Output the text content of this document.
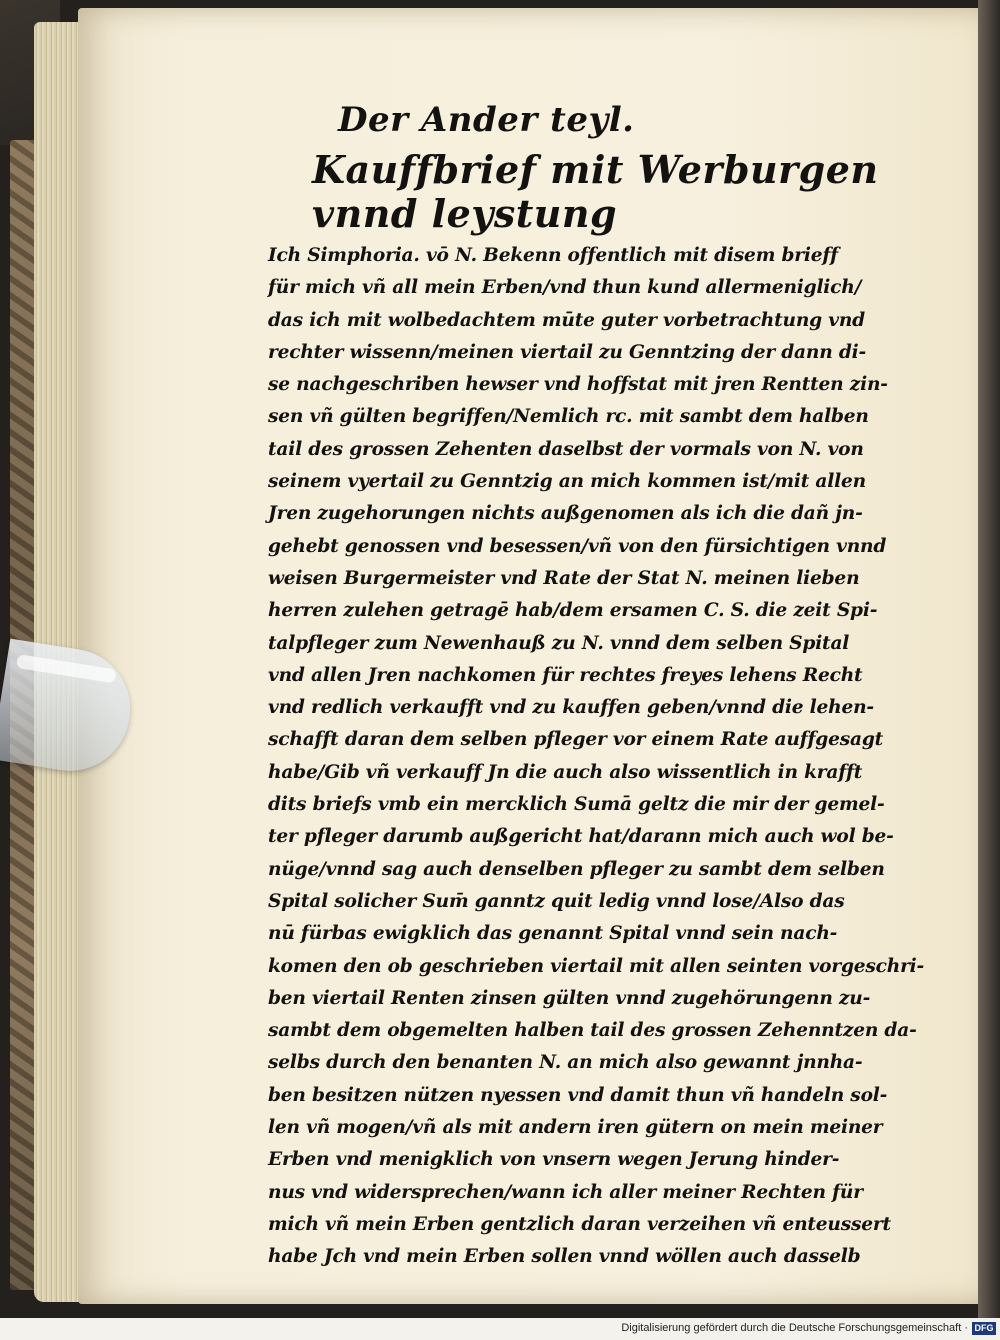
Der Ander teyl.
Kauffbrief mit Werburgen
vnnd leystung
Ich Simphoria. vō N. Bekenn offentlich mit disem brieff
für mich vñ all mein Erben/vnd thun kund allermeniglich/
das ich mit wolbedachtem mūte guter vorbetrachtung vnd
rechter wissenn/meinen viertail zu Genntzing der dann di-
se nachgeschriben hewser vnd hoffstat mit jren Rentten zin-
sen vñ gülten begriffen/Nemlich rc. mit sambt dem halben
tail des grossen Zehenten daselbst der vormals von N. von
seinem vyertail zu Genntzig an mich kommen ist/mit allen
Jren zugehorungen nichts außgenomen als ich die dañ jn-
gehebt genossen vnd besessen/vñ von den fürsichtigen vnnd
weisen Burgermeister vnd Rate der Stat N. meinen lieben
herren zulehen getragē hab/dem ersamen C. S. die zeit Spi-
talpfleger zum Newenhauß zu N. vnnd dem selben Spital
vnd allen Jren nachkomen für rechtes freyes lehens Recht
vnd redlich verkaufft vnd zu kauffen geben/vnnd die lehen-
schafft daran dem selben pfleger vor einem Rate auffgesagt
habe/Gib vñ verkauff Jn die auch also wissentlich in krafft
dits briefs vmb ein mercklich Sumā geltz die mir der gemel-
ter pfleger darumb außgericht hat/darann mich auch wol be-
nüge/vnnd sag auch denselben pfleger zu sambt dem selben
Spital solicher Sum̄ ganntz quit ledig vnnd lose/Also das
nū fürbas ewigklich das genannt Spital vnnd sein nach-
komen den ob geschrieben viertail mit allen seinten vorgeschri-
ben viertail Renten zinsen gülten vnnd zugehörungenn zu-
sambt dem obgemelten halben tail des grossen Zehenntzen da-
selbs durch den benanten N. an mich also gewannt jnnha-
ben besitzen nützen nyessen vnd damit thun vñ handeln sol-
len vñ mogen/vñ als mit andern iren gütern on mein meiner
Erben vnd menigklich von vnsern wegen Jerung hinder-
nus vnd widersprechen/wann ich aller meiner Rechten für
mich vñ mein Erben gentzlich daran verzeihen vñ enteussert
habe Jch vnd mein Erben sollen vnnd wöllen auch dasselb
Digitalisierung gefördert durch die Deutsche Forschungsgemeinschaft · DFG
